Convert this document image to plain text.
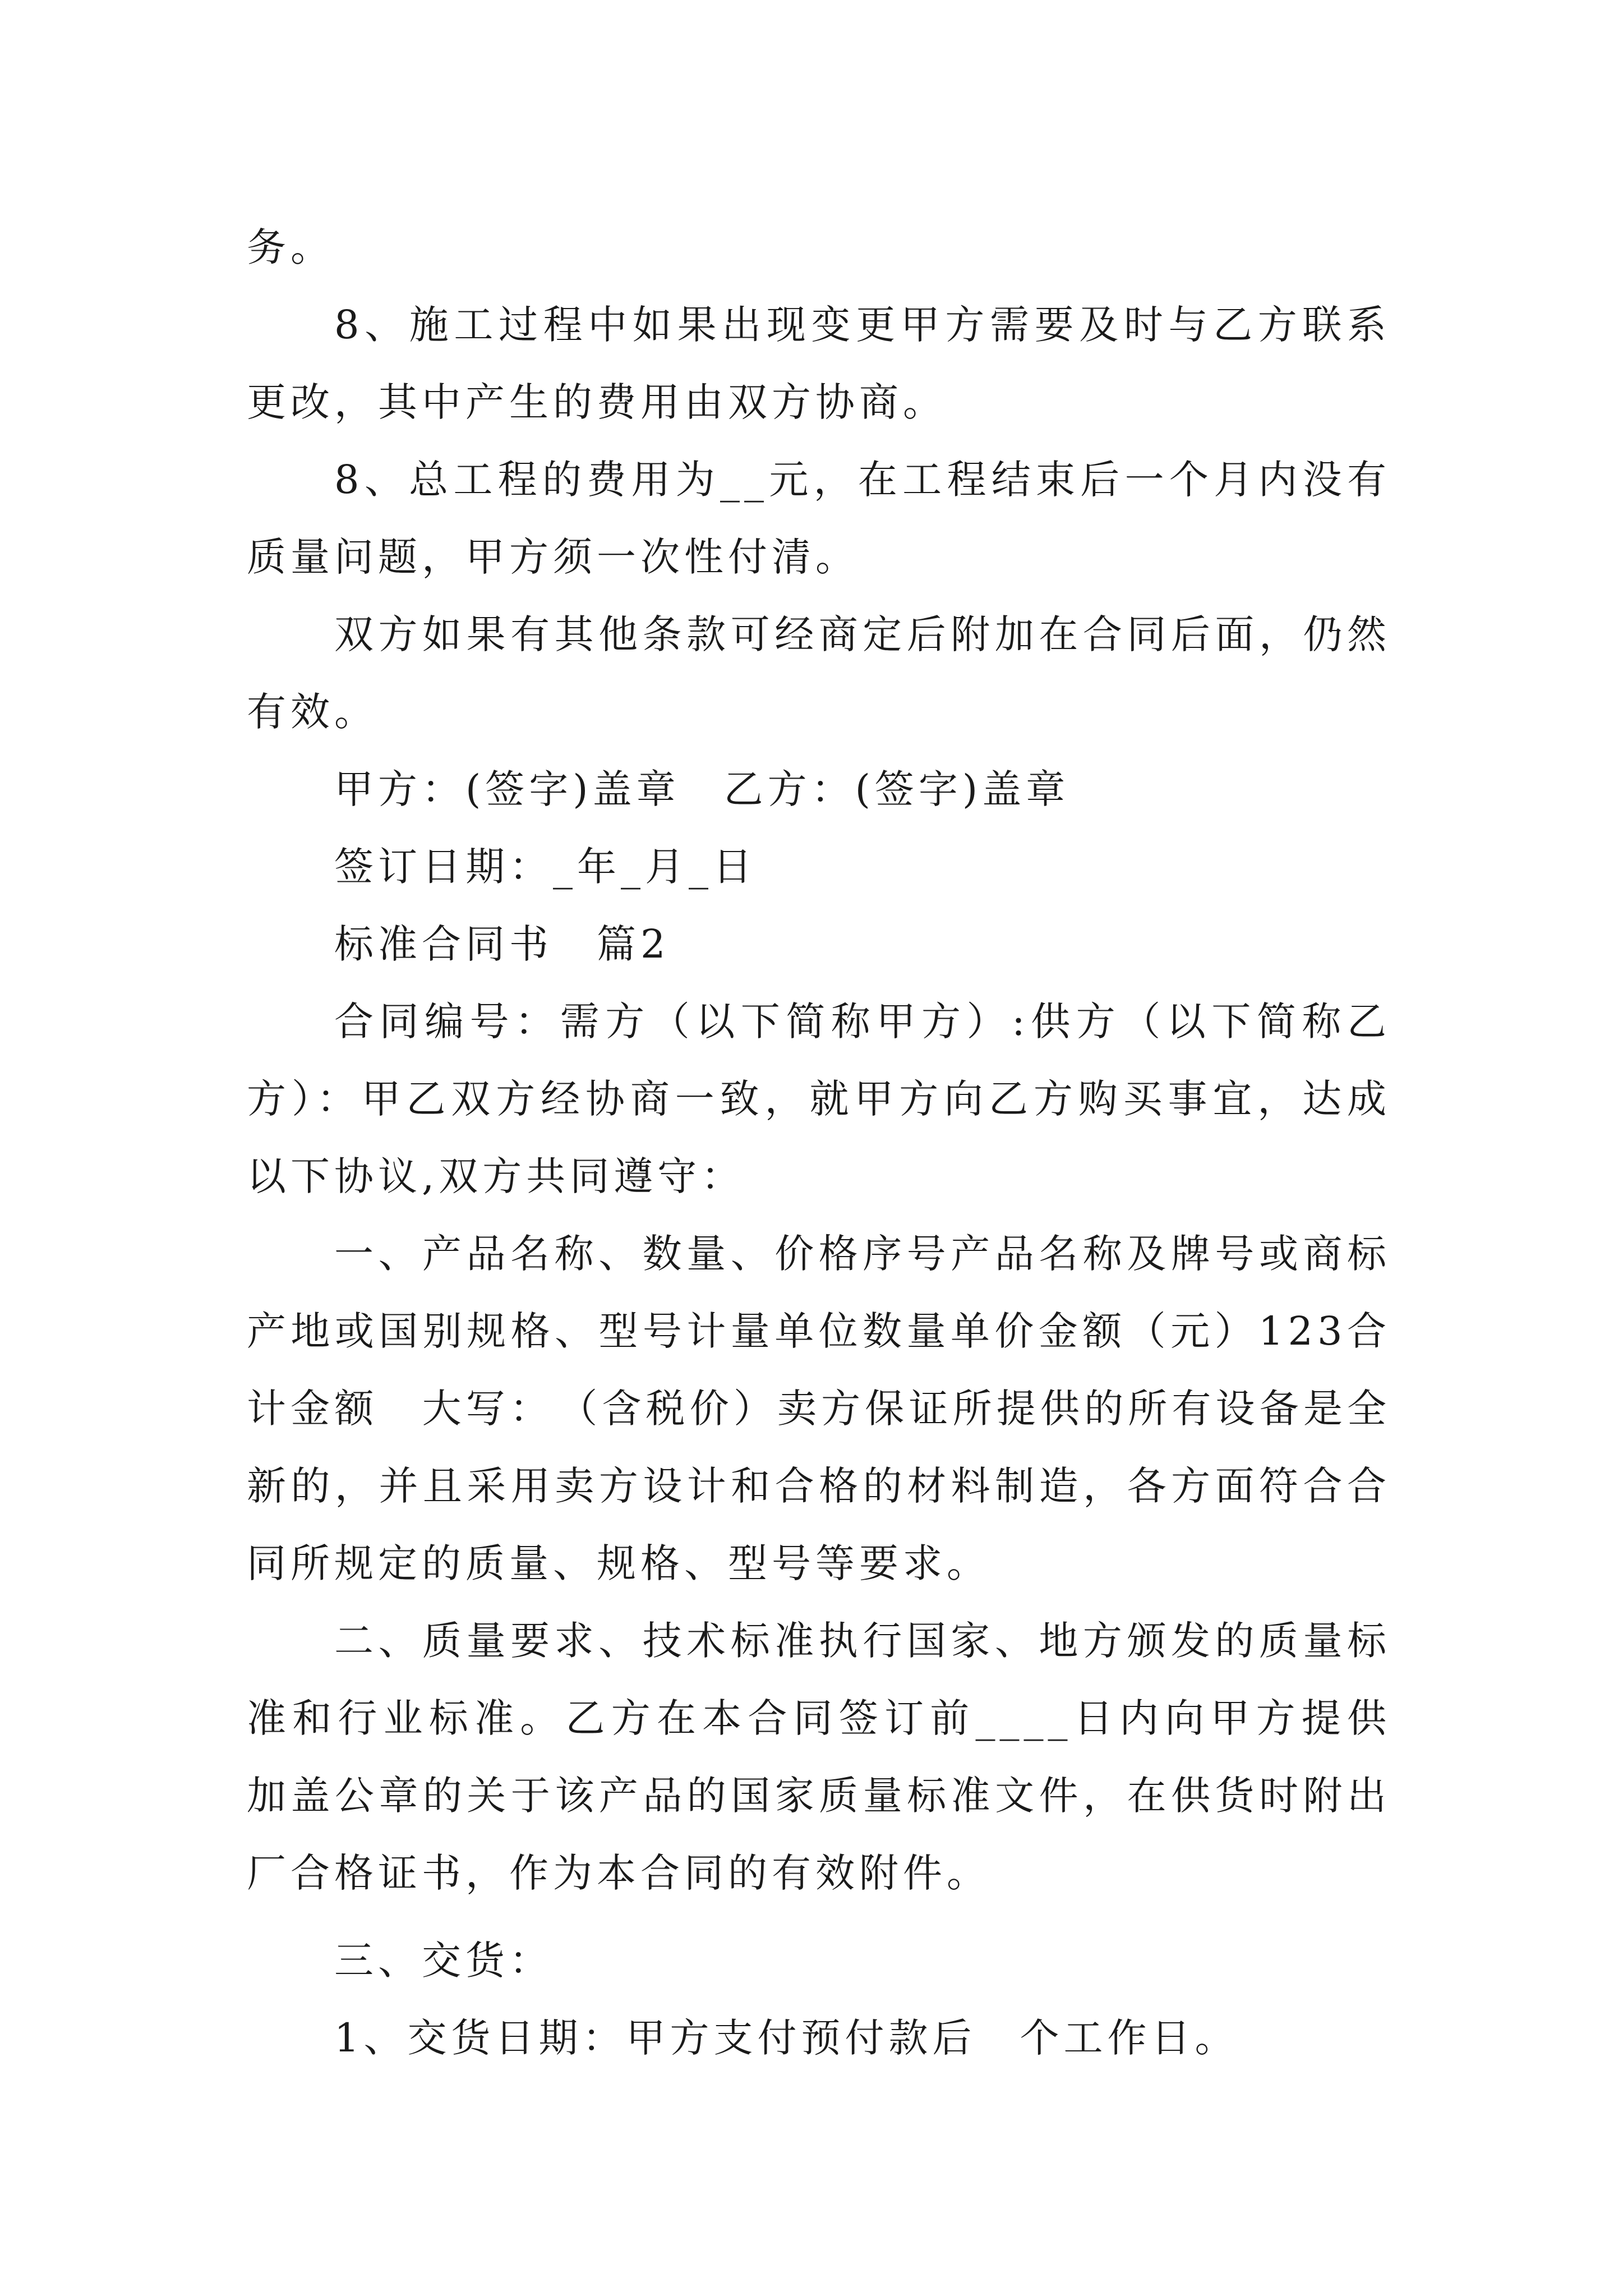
务。

8、施工过程中如果出现变更甲方需要及时与乙方联系更改，其中产生的费用由双方协商。

8、总工程的费用为__元，在工程结束后一个月内没有质量问题，甲方须一次性付清。

双方如果有其他条款可经商定后附加在合同后面，仍然有效。

甲方：(签字)盖章　乙方：(签字)盖章

签订日期：_年_月_日

标准合同书　篇2

合同编号：需方（以下简称甲方）:供方（以下简称乙方）：甲乙双方经协商一致，就甲方向乙方购买事宜，达成以下协议,双方共同遵守：

一、产品名称、数量、价格序号产品名称及牌号或商标产地或国别规格、型号计量单位数量单价金额（元）123合计金额　大写：　（含税价）卖方保证所提供的所有设备是全新的，并且采用卖方设计和合格的材料制造，各方面符合合同所规定的质量、规格、型号等要求。

二、质量要求、技术标准执行国家、地方颁发的质量标准和行业标准。乙方在本合同签订前____日内向甲方提供加盖公章的关于该产品的国家质量标准文件，在供货时附出厂合格证书，作为本合同的有效附件。

三、交货：

1、交货日期：甲方支付预付款后　个工作日。
